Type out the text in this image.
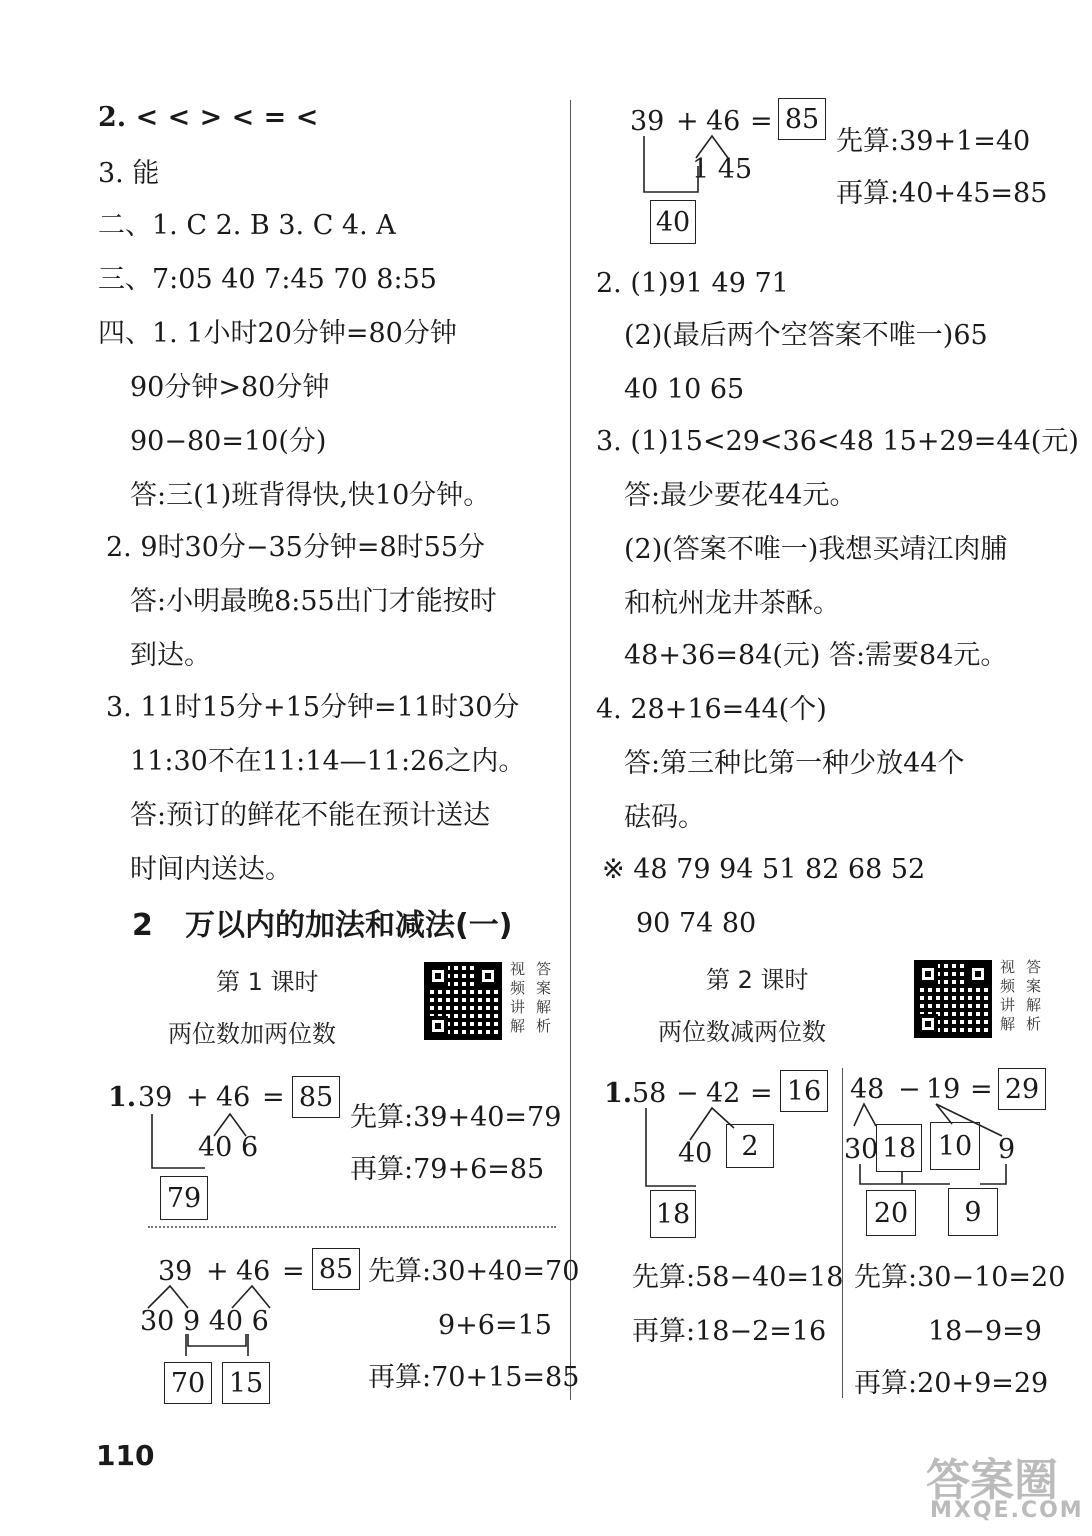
2. < < > < = <
3. 能
二、1. C 2. B 3. C 4. A
三、7:05 40 7:45 70 8:55
四、1. 1小时20分钟=80分钟
90分钟>80分钟
90−80=10(分)
答:三(1)班背得快,快10分钟。
2. 9时30分−35分钟=8时55分
答:小明最晚8:55出门才能按时
到达。
3. 11时15分+15分钟=11时30分
11:30不在11:14—11:26之内。
答:预订的鲜花不能在预计送达
时间内送达。
2 万以内的加法和减法(一)
第 1 课时
两位数加两位数
视频讲解
答案解析
1. 39 + 46 = 85
40 6
79
先算:39+40=79
再算:79+6=85
39 + 46 = 85
30 9 40 6
70 15
先算:30+40=70
9+6=15
再算:70+15=85
110
39 + 46 = 85
1 45
40
先算:39+1=40
再算:40+45=85
2. (1)91 49 71
(2)(最后两个空答案不唯一)65
40 10 65
3. (1)15<29<36<48 15+29=44(元)
答:最少要花44元。
(2)(答案不唯一)我想买靖江肉脯
和杭州龙井茶酥。
48+36=84(元) 答:需要84元。
4. 28+16=44(个)
答:第三种比第一种少放44个
砝码。
※ 48 79 94 51 82 68 52
90 74 80
第 2 课时
两位数减两位数
视频讲解
答案解析
1. 58 − 42 = 16
40	2
18
先算:58−40=18
再算:18−2=16
48 − 19 = 29
30 18 10 9
20	9
先算:30−10=20
18−9=9
再算:20+9=29
答案圈
MXQE.COM
